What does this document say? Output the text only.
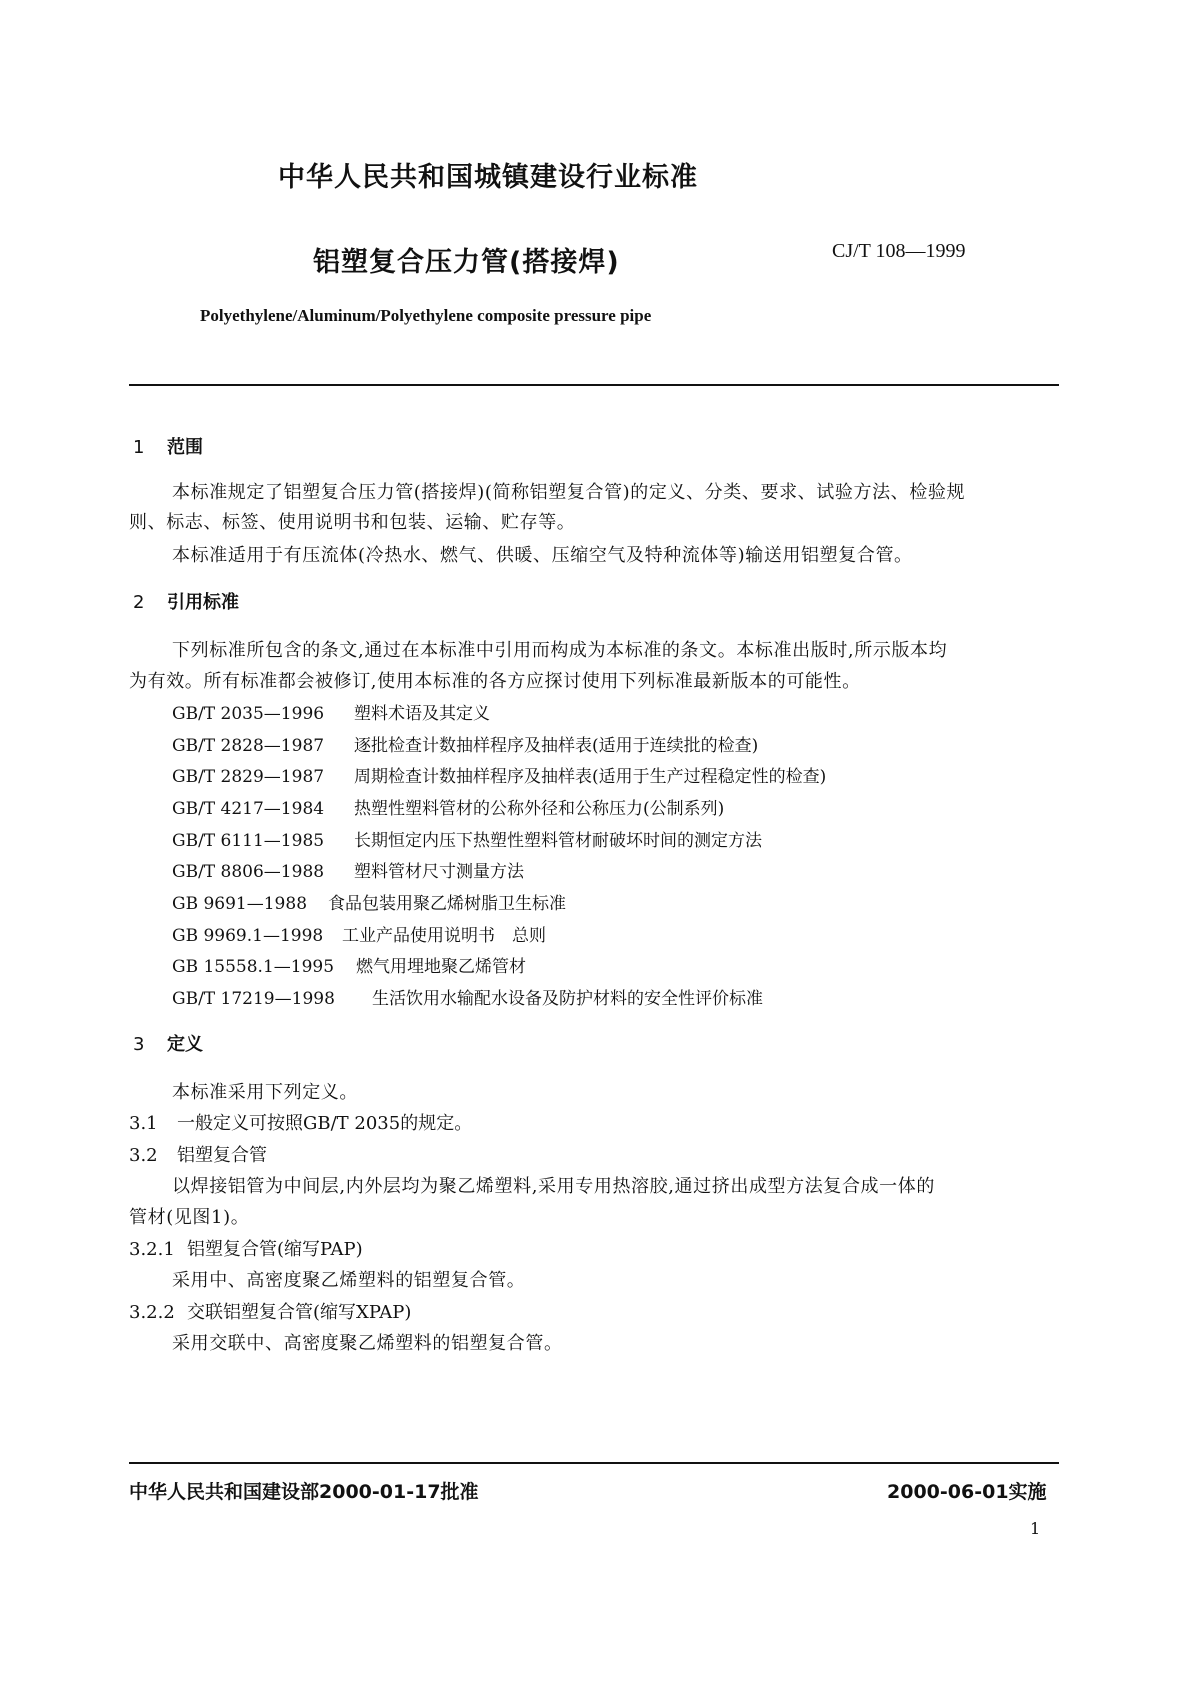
中华人民共和国城镇建设行业标准
铝塑复合压力管(搭接焊)	CJ/T 108—1999
Polyethylene/Aluminum/Polyethylene composite pressure pipe
1 范围
本标准规定了铝塑复合压力管(搭接焊)(简称铝塑复合管)的定义、分类、要求、试验方法、检验规
则、标志、标签、使用说明书和包装、运输、贮存等。
本标准适用于有压流体(冷热水、燃气、供暖、压缩空气及特种流体等)输送用铝塑复合管。
2 引用标准
下列标准所包含的条文,通过在本标准中引用而构成为本标准的条文。本标准出版时,所示版本均
为有效。所有标准都会被修订,使用本标准的各方应探讨使用下列标准最新版本的可能性。
GB/T 2035—1996 塑料术语及其定义
GB/T 2828—1987 逐批检查计数抽样程序及抽样表(适用于连续批的检查)
GB/T 2829—1987 周期检查计数抽样程序及抽样表(适用于生产过程稳定性的检查)
GB/T 4217—1984 热塑性塑料管材的公称外径和公称压力(公制系列)
GB/T 6111—1985 长期恒定内压下热塑性塑料管材耐破坏时间的测定方法
GB/T 8806—1988 塑料管材尺寸测量方法
GB 9691—1988 食品包装用聚乙烯树脂卫生标准
GB 9969.1—1998 工业产品使用说明书　总则
GB 15558.1—1995 燃气用埋地聚乙烯管材
GB/T 17219—1998 生活饮用水输配水设备及防护材料的安全性评价标准
3 定义
本标准采用下列定义。
3.1 一般定义可按照GB/T 2035的规定。
3.2 铝塑复合管
以焊接铝管为中间层,内外层均为聚乙烯塑料,采用专用热溶胶,通过挤出成型方法复合成一体的
管材(见图1)。
3.2.1 铝塑复合管(缩写PAP)
采用中、高密度聚乙烯塑料的铝塑复合管。
3.2.2 交联铝塑复合管(缩写XPAP)
采用交联中、高密度聚乙烯塑料的铝塑复合管。
中华人民共和国建设部2000-01-17批准	2000-06-01实施
1
